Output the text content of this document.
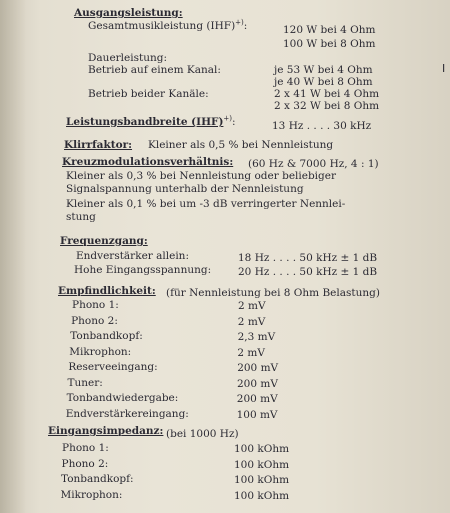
Ausgangsleistung:
Gesamtmusikleistung (IHF)+):	120 W bei 4 Ohm
100 W bei 8 Ohm
Dauerleistung:
Betrieb auf einem Kanal:	je 53 W bei 4 Ohm
je 40 W bei 8 Ohm
Betrieb beider Kanäle:	2 x 41 W bei 4 Ohm
2 x 32 W bei 8 Ohm
Leistungsbandbreite (IHF)+):	13 Hz . . . . 30 kHz
Klirrfaktor: Kleiner als 0,5 % bei Nennleistung
Kreuzmodulationsverhältnis: (60 Hz & 7000 Hz, 4 : 1)
Kleiner als 0,3 % bei Nennleistung oder beliebiger
Signalspannung unterhalb der Nennleistung
Kleiner als 0,1 % bei um -3 dB verringerter Nennlei-
stung
Frequenzgang:
Endverstärker allein:	18 Hz . . . . 50 kHz ± 1 dB
Hohe Eingangsspannung:	20 Hz . . . . 50 kHz ± 1 dB
Empfindlichkeit: (für Nennleistung bei 8 Ohm Belastung)
Phono 1:	2 mV
Phono 2:	2 mV
Tonbandkopf:	2,3 mV
Mikrophon:	2 mV
Reserveeingang:	200 mV
Tuner:	200 mV
Tonbandwiedergabe:	200 mV
Endverstärkereingang:	100 mV
Eingangsimpedanz: (bei 1000 Hz)
Phono 1:	100 kOhm
Phono 2:	100 kOhm
Tonbandkopf:	100 kOhm
Mikrophon:	100 kOhm
I
